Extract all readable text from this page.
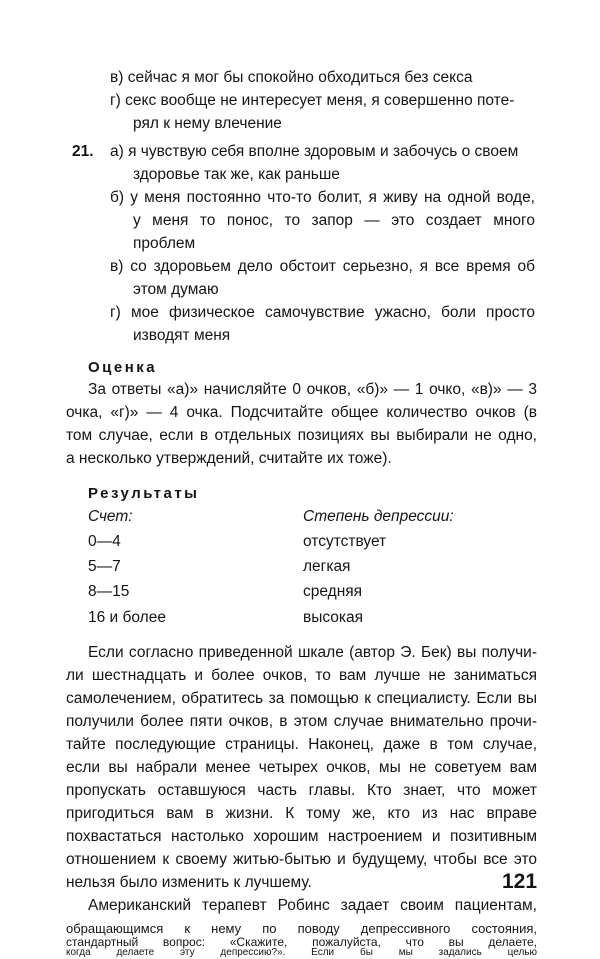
в) сейчас я мог бы спокойно обходиться без секса
г) секс вообще не интересует меня, я совершенно поте-
рял к нему влечение
21. а) я чувствую себя вполне здоровым и забочусь о своем
здоровье так же, как раньше
б) у меня постоянно что-то болит, я живу на одной воде,
у меня то понос, то запор — это создает много
проблем
в) со здоровьем дело обстоит серьезно, я все время об
этом думаю
г) мое физическое самочувствие ужасно, боли просто
изводят меня
Оценка
За ответы «а)» начисляйте 0 очков, «б)» — 1 очко, «в)» — 3
очка, «г)» — 4 очка. Подсчитайте общее количество очков (в
том случае, если в отдельных позициях вы выбирали не одно,
а несколько утверждений, считайте их тоже).
Результаты
Счет:	Степень депрессии:
0—4	отсутствует
5—7	легкая
8—15	средняя
16 и более	высокая
Если согласно приведенной шкале (автор Э. Бек) вы получи-
ли шестнадцать и более очков, то вам лучше не заниматься
самолечением, обратитесь за помощью к специалисту. Если вы
получили более пяти очков, в этом случае внимательно прочи-
тайте последующие страницы. Наконец, даже в том случае,
если вы набрали менее четырех очков, мы не советуем вам
пропускать оставшуюся часть главы. Кто знает, что может
пригодиться вам в жизни. К тому же, кто из нас вправе
похвастаться настолько хорошим настроением и позитивным
отношением к своему житью-бытью и будущему, чтобы все это
нельзя было изменить к лучшему.
Американский терапевт Робинс задает своим пациентам,
обращающимся к нему по поводу депрессивного состояния,
стандартный вопрос: «Скажите, пожалуйста, что вы делаете,
когда делаете эту депрессию?». Если бы мы задались целью
121
